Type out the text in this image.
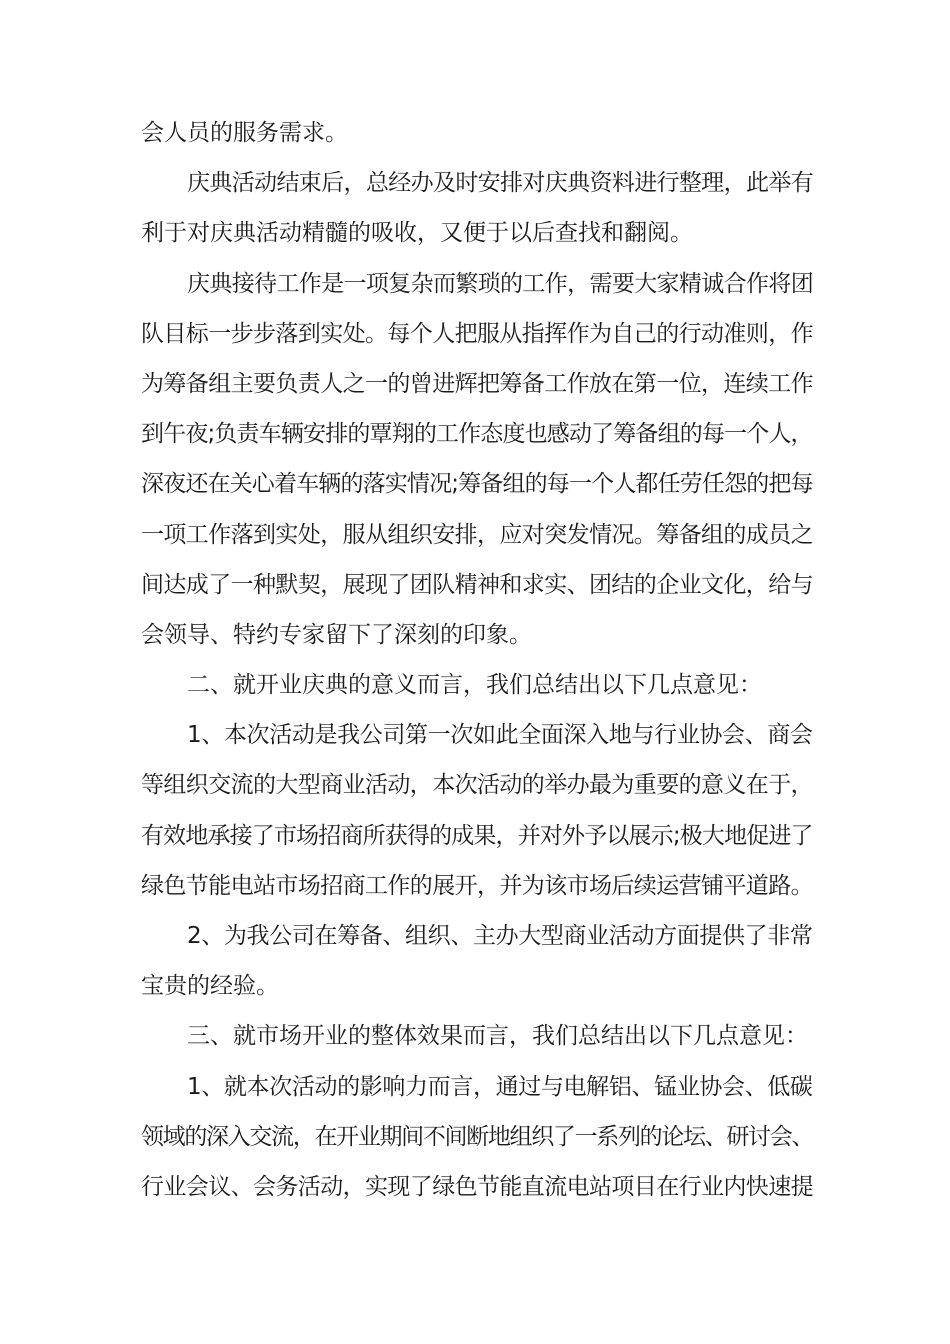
会人员的服务需求。
庆典活动结束后，总经办及时安排对庆典资料进行整理，此举有
利于对庆典活动精髓的吸收，又便于以后查找和翻阅。
庆典接待工作是一项复杂而繁琐的工作，需要大家精诚合作将团
队目标一步步落到实处。每个人把服从指挥作为自己的行动准则，作
为筹备组主要负责人之一的曾进辉把筹备工作放在第一位，连续工作
到午夜;负责车辆安排的覃翔的工作态度也感动了筹备组的每一个人，
深夜还在关心着车辆的落实情况;筹备组的每一个人都任劳任怨的把每
一项工作落到实处，服从组织安排，应对突发情况。筹备组的成员之
间达成了一种默契，展现了团队精神和求实、团结的企业文化，给与
会领导、特约专家留下了深刻的印象。
二、就开业庆典的意义而言，我们总结出以下几点意见：
1、本次活动是我公司第一次如此全面深入地与行业协会、商会
等组织交流的大型商业活动，本次活动的举办最为重要的意义在于，
有效地承接了市场招商所获得的成果，并对外予以展示;极大地促进了
绿色节能电站市场招商工作的展开，并为该市场后续运营铺平道路。
2、为我公司在筹备、组织、主办大型商业活动方面提供了非常
宝贵的经验。
三、就市场开业的整体效果而言，我们总结出以下几点意见：
1、就本次活动的影响力而言，通过与电解铝、锰业协会、低碳
领域的深入交流，在开业期间不间断地组织了一系列的论坛、研讨会、
行业会议、会务活动，实现了绿色节能直流电站项目在行业内快速提
